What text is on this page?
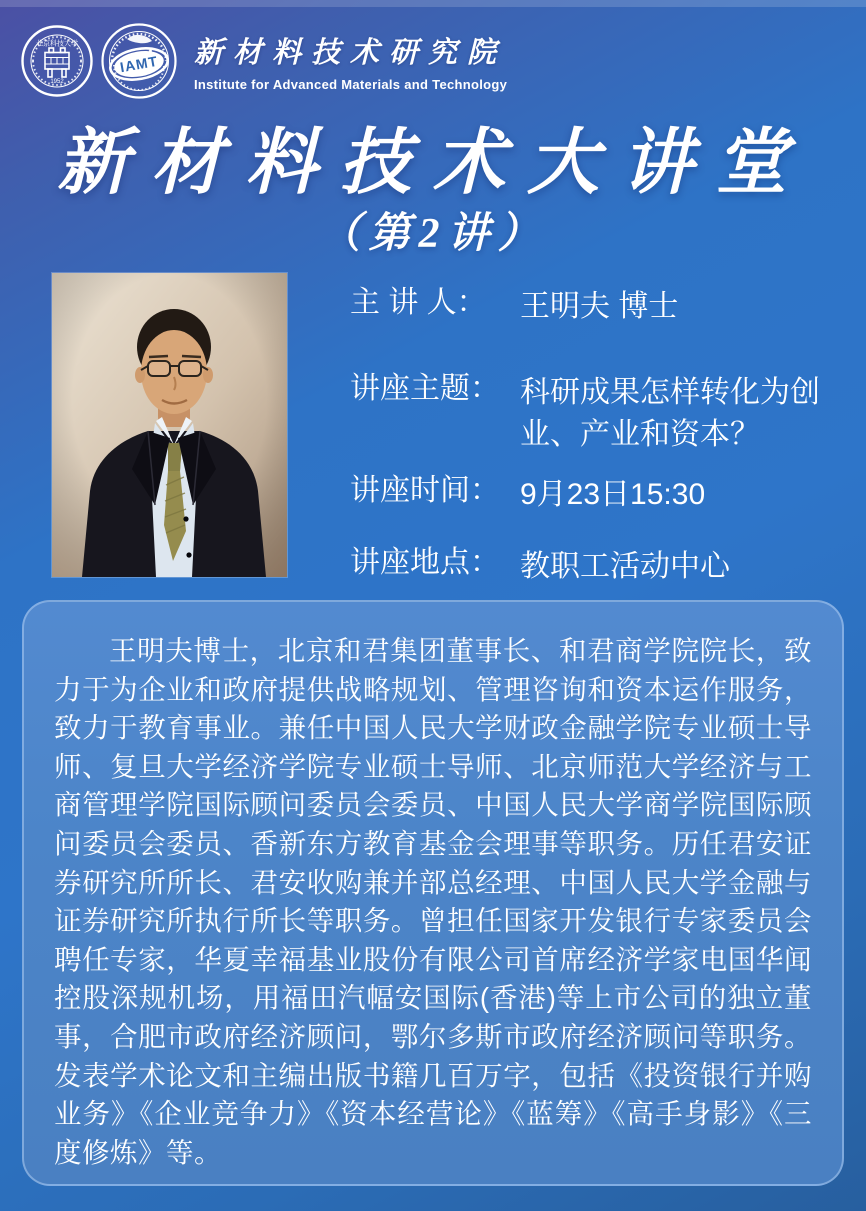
北京科技大学
1952
IAMT 新材料技术研究院
Institute for Advanced Materials and Technology
新材料技术大讲堂
（第2讲）
主 讲 人：	王明夫 博士
讲座主题： 科研成果怎样转化为创业、产业和资本？
讲座时间： 9月23日15:30
讲座地点： 教职工活动中心

王明夫博士，北京和君集团董事长、和君商学院院长，致力于为企业和政府提供战略规划、管理咨询和资本运作服务，致力于教育事业。兼任中国人民大学财政金融学院专业硕士导师、复旦大学经济学院专业硕士导师、北京师范大学经济与工商管理学院国际顾问委员会委员、中国人民大学商学院国际顾问委员会委员、香新东方教育基金会理事等职务。历任君安证券研究所所长、君安收购兼并部总经理、中国人民大学金融与证券研究所执行所长等职务。曾担任国家开发银行专家委员会聘任专家，华夏幸福基业股份有限公司首席经济学家电国华闻控股深规机场，用福田汽幅安国际(香港)等上市公司的独立董事，合肥市政府经济顾问，鄂尔多斯市政府经济顾问等职务。发表学术论文和主编出版书籍几百万字，包括《投资银行并购业务》《企业竞争力》《资本经营论》《蓝筹》《高手身影》《三度修炼》等。
